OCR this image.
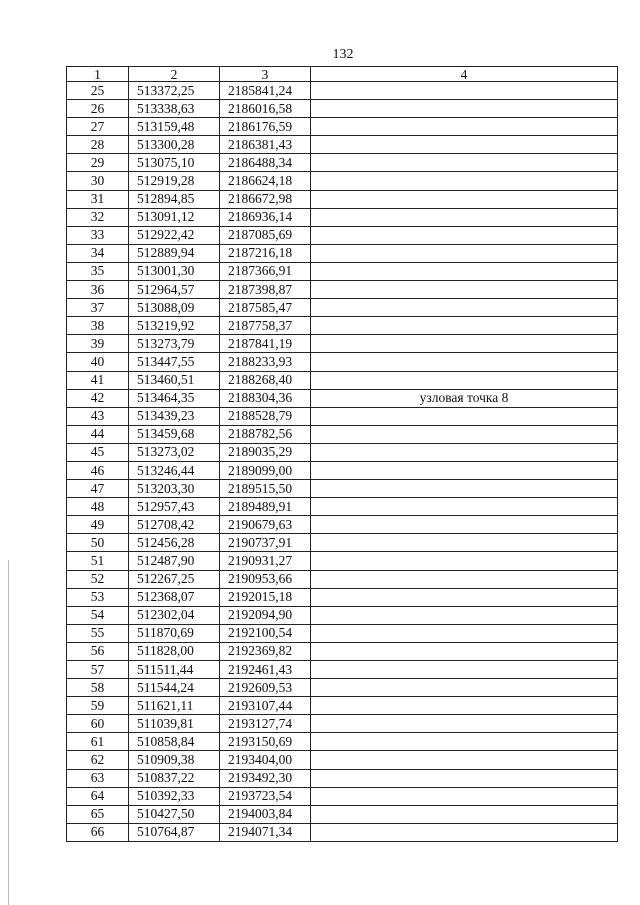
132
1	2	3	4
25	513372,25	2185841,24	
26	513338,63	2186016,58	
27	513159,48	2186176,59	
28	513300,28	2186381,43	
29	513075,10	2186488,34	
30	512919,28	2186624,18	
31	512894,85	2186672,98	
32	513091,12	2186936,14	
33	512922,42	2187085,69	
34	512889,94	2187216,18	
35	513001,30	2187366,91	
36	512964,57	2187398,87	
37	513088,09	2187585,47	
38	513219,92	2187758,37	
39	513273,79	2187841,19	
40	513447,55	2188233,93	
41	513460,51	2188268,40	
42	513464,35	2188304,36	узловая точка 8
43	513439,23	2188528,79	
44	513459,68	2188782,56	
45	513273,02	2189035,29	
46	513246,44	2189099,00	
47	513203,30	2189515,50	
48	512957,43	2189489,91	
49	512708,42	2190679,63	
50	512456,28	2190737,91	
51	512487,90	2190931,27	
52	512267,25	2190953,66	
53	512368,07	2192015,18	
54	512302,04	2192094,90	
55	511870,69	2192100,54	
56	511828,00	2192369,82	
57	511511,44	2192461,43	
58	511544,24	2192609,53	
59	511621,11	2193107,44	
60	511039,81	2193127,74	
61	510858,84	2193150,69	
62	510909,38	2193404,00	
63	510837,22	2193492,30	
64	510392,33	2193723,54	
65	510427,50	2194003,84	
66	510764,87	2194071,34	
